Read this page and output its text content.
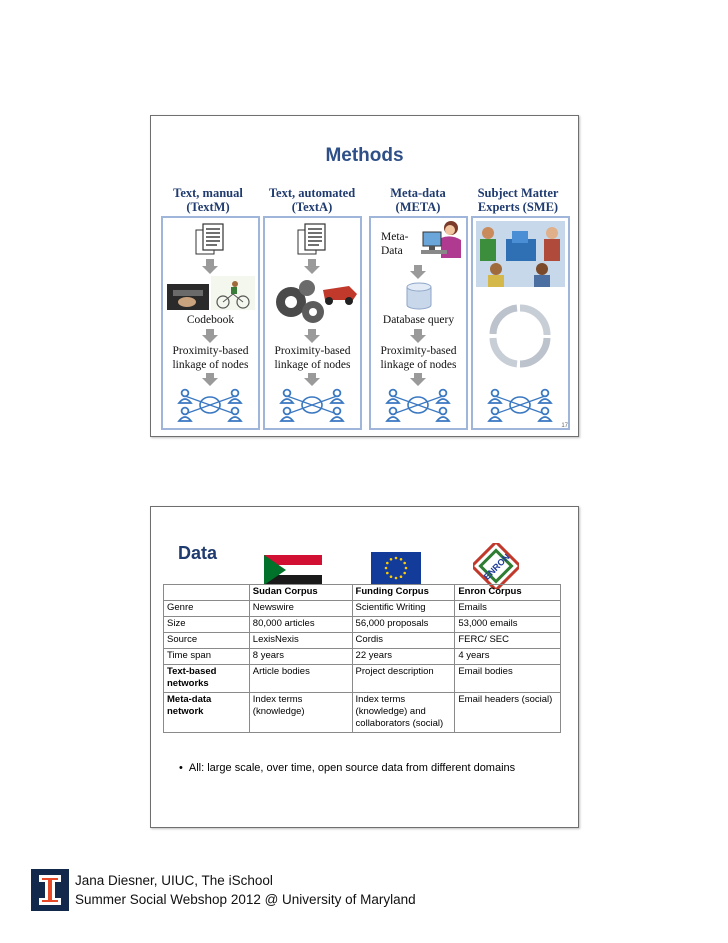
Methods
Text, manual
(TextM)
Text, automated
(TextA)
Meta-data
(META)
Subject Matter
Experts (SME)
Codebook
Proximity-based
linkage of nodes
Proximity-based
linkage of nodes
Meta-
Data
Database query
Proximity-based
linkage of nodes
17
Data	ENRON
	Sudan Corpus	Funding Corpus	Enron Corpus
Genre	Newswire	Scientific Writing	Emails
Size	80,000 articles	56,000 proposals	53,000 emails
Source	LexisNexis	Cordis	FERC/ SEC
Time span	8 years	22 years	4 years
Text-based networks	Article bodies	Project description	Email bodies
Meta-data network	Index terms (knowledge)	Index terms (knowledge) and collaborators (social)	Email headers (social)
• All: large scale, over time, open source data from different domains
Jana Diesner, UIUC, The iSchool
Summer Social Webshop 2012 @ University of Maryland
